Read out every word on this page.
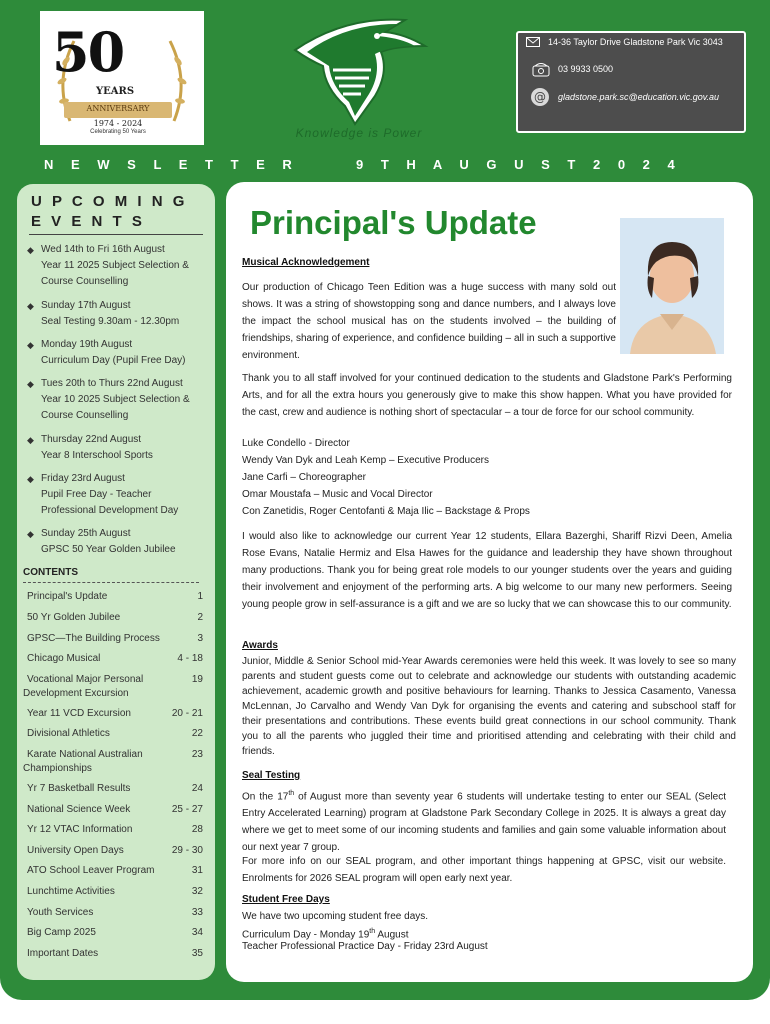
50
YEARS
ANNIVERSARY
1974 - 2024
Celebrating 50 Years	Knowledge is Power
14-36 Taylor Drive Gladstone Park Vic 3043
03 9933 0500
@ gladstone.park.sc@education.vic.gov.au
N E W S L E T T E R	9 T H A U G U S T 2 0 2 4
U P C O M I N G
E V E N T S
◆ Wed 14th to Fri 16th August
Year 11 2025 Subject Selection &
Course Counselling
◆ Sunday 17th August
Seal Testing 9.30am - 12.30pm
◆ Monday 19th August
Curriculum Day (Pupil Free Day)
◆ Tues 20th to Thurs 22nd August
Year 10 2025 Subject Selection &
Course Counselling
◆ Thursday 22nd August
Year 8 Interschool Sports
◆ Friday 23rd August
Pupil Free Day - Teacher
Professional Development Day
◆ Sunday 25th August
GPSC 50 Year Golden Jubilee
CONTENTS
Principal's Update	1
50 Yr Golden Jubilee	2
GPSC—The Building Process	3
Chicago Musical	4 - 18
Vocational Major Personal Development Excursion
19
Year 11 VCD Excursion	20 - 21
Divisional Athletics	22
Karate National Australian Championships
23
Yr 7 Basketball Results	24
National Science Week	25 - 27
Yr 12 VTAC Information	28
University Open Days	29 - 30
ATO School Leaver Program	31
Lunchtime Activities	32
Youth Services	33
Big Camp 2025	34
Important Dates	35
Principal's Update
Musical Acknowledgement
Our production of Chicago Teen Edition was a huge success with many sold out shows. It was a string of showstopping song and dance numbers, and I always love the impact the school musical has on the students involved – the building of friendships, sharing of experience, and confidence building – all in such a supportive environment.
Thank you to all staff involved for your continued dedication to the students and Gladstone Park's Performing Arts, and for all the extra hours you generously give to make this show happen. What you have provided for the cast, crew and audience is nothing short of spectacular – a tour de force for our school community.
Luke Condello - Director
Wendy Van Dyk and Leah Kemp – Executive Producers
Jane Carfi – Choreographer
Omar Moustafa – Music and Vocal Director
Con Zanetidis, Roger Centofanti & Maja Ilic – Backstage & Props
I would also like to acknowledge our current Year 12 students, Ellara Bazerghi, Shariff Rizvi Deen, Amelia Rose Evans, Natalie Hermiz and Elsa Hawes for the guidance and leadership they have shown throughout many productions. Thank you for being great role models to our younger students over the years and guiding their involvement and enjoyment of the performing arts. A big welcome to our many new performers. Seeing young people grow in self-assurance is a gift and we are so lucky that we can showcase this to our community.
Awards
Junior, Middle & Senior School mid-Year Awards ceremonies were held this week. It was lovely to see so many parents and student guests come out to celebrate and acknowledge our students with outstanding academic achievement, academic growth and positive behaviours for learning. Thanks to Jessica Casamento, Vanessa McLennan, Jo Carvalho and Wendy Van Dyk for organising the events and catering and subschool staff for their presentations and contributions. These events build great connections in our school community. Thank you to all the parents who juggled their time and prioritised attending and celebrating with their child and friends.
Seal Testing
On the 17th of August more than seventy year 6 students will undertake testing to enter our SEAL (Select Entry Accelerated Learning) program at Gladstone Park Secondary College in 2025. It is always a great day where we get to meet some of our incoming students and families and gain some valuable information about our next year 7 group.
For more info on our SEAL program, and other important things happening at GPSC, visit our website. Enrolments for 2026 SEAL program will open early next year.
Student Free Days
We have two upcoming student free days.
Curriculum Day - Monday 19th August
Teacher Professional Practice Day - Friday 23rd August
